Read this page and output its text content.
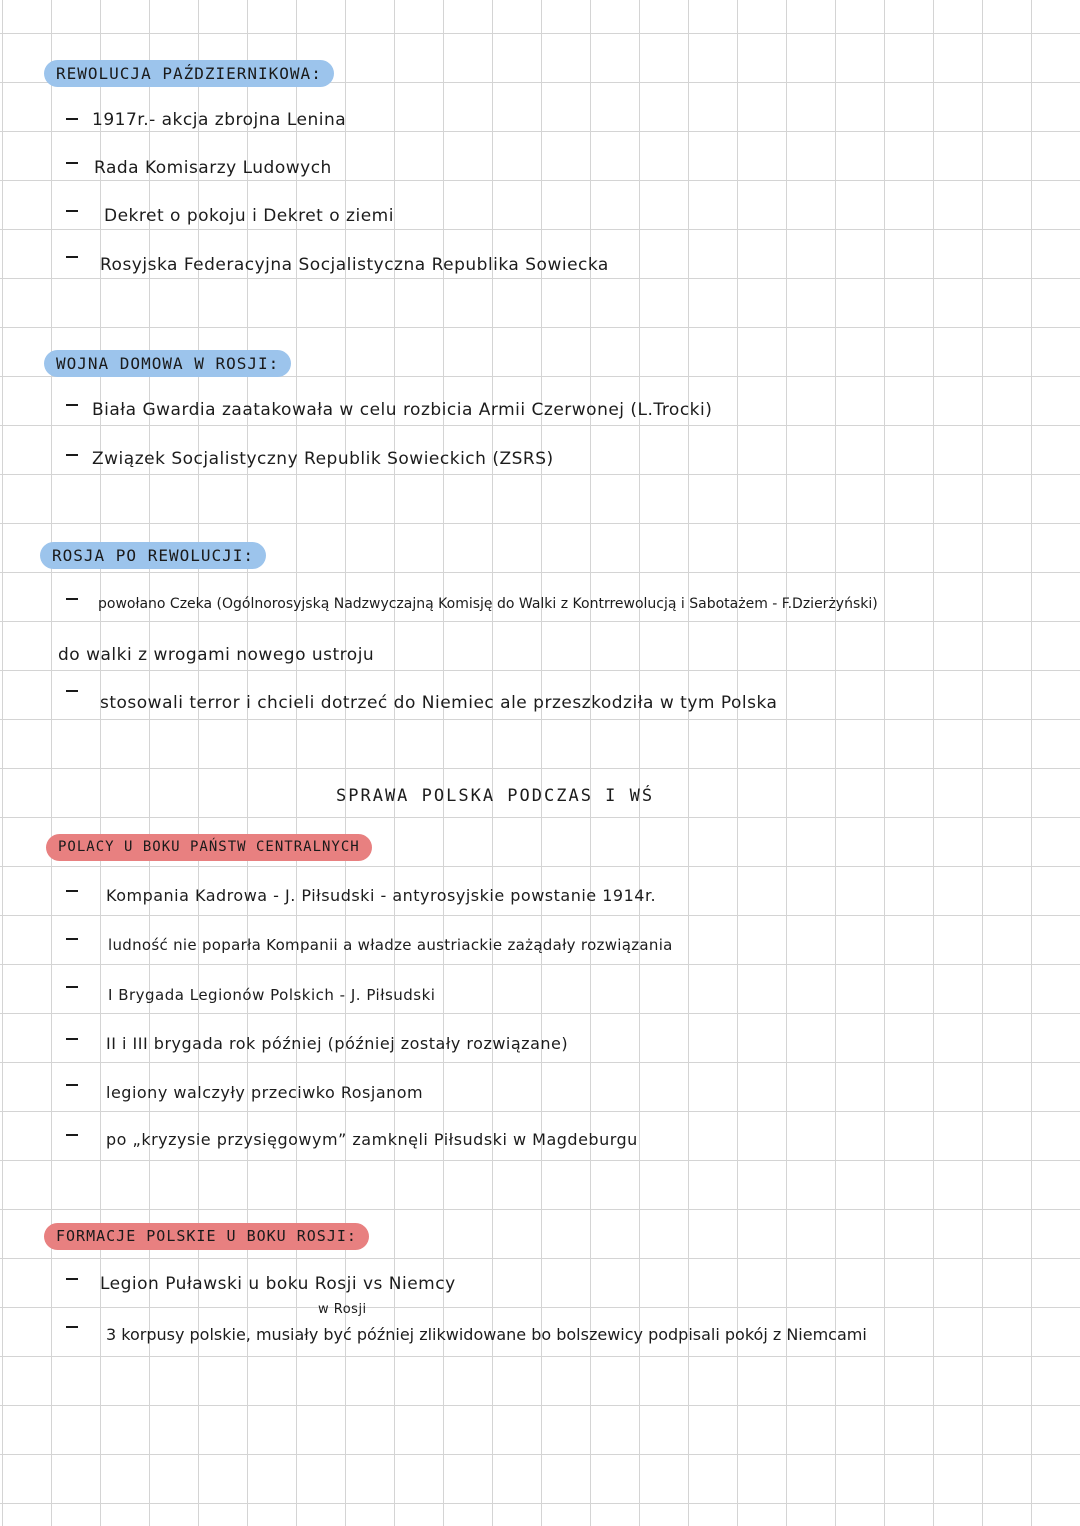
REWOLUCJA PAŹDZIERNIKOWA:
1917r.- akcja zbrojna Lenina
Rada Komisarzy Ludowych
Dekret o pokoju i Dekret o ziemi
Rosyjska Federacyjna Socjalistyczna Republika Sowiecka
WOJNA DOMOWA W ROSJI:
Biała Gwardia zaatakowała w celu rozbicia Armii Czerwonej (L.Trocki)
Związek Socjalistyczny Republik Sowieckich (ZSRS)
ROSJA PO REWOLUCJI:
powołano Czeka (Ogólnorosyjską Nadzwyczajną Komisję do Walki z Kontrrewolucją i Sabotażem - F.Dzierżyński)
do walki z wrogami nowego ustroju
stosowali terror i chcieli dotrzeć do Niemiec ale przeszkodziła w tym Polska
SPRAWA POLSKA PODCZAS I WŚ
POLACY U BOKU PAŃSTW CENTRALNYCH
Kompania Kadrowa - J. Piłsudski - antyrosyjskie powstanie 1914r.
ludność nie poparła Kompanii a władze austriackie zażądały rozwiązania
I Brygada Legionów Polskich - J. Piłsudski
II i III brygada rok później (później zostały rozwiązane)
legiony walczyły przeciwko Rosjanom
po „kryzysie przysięgowym” zamknęli Piłsudski w Magdeburgu
FORMACJE POLSKIE U BOKU ROSJI:
Legion Puławski u boku Rosji vs Niemcy
w Rosji
3 korpusy polskie, musiały być później zlikwidowane bo bolszewicy podpisali pokój z Niemcami
